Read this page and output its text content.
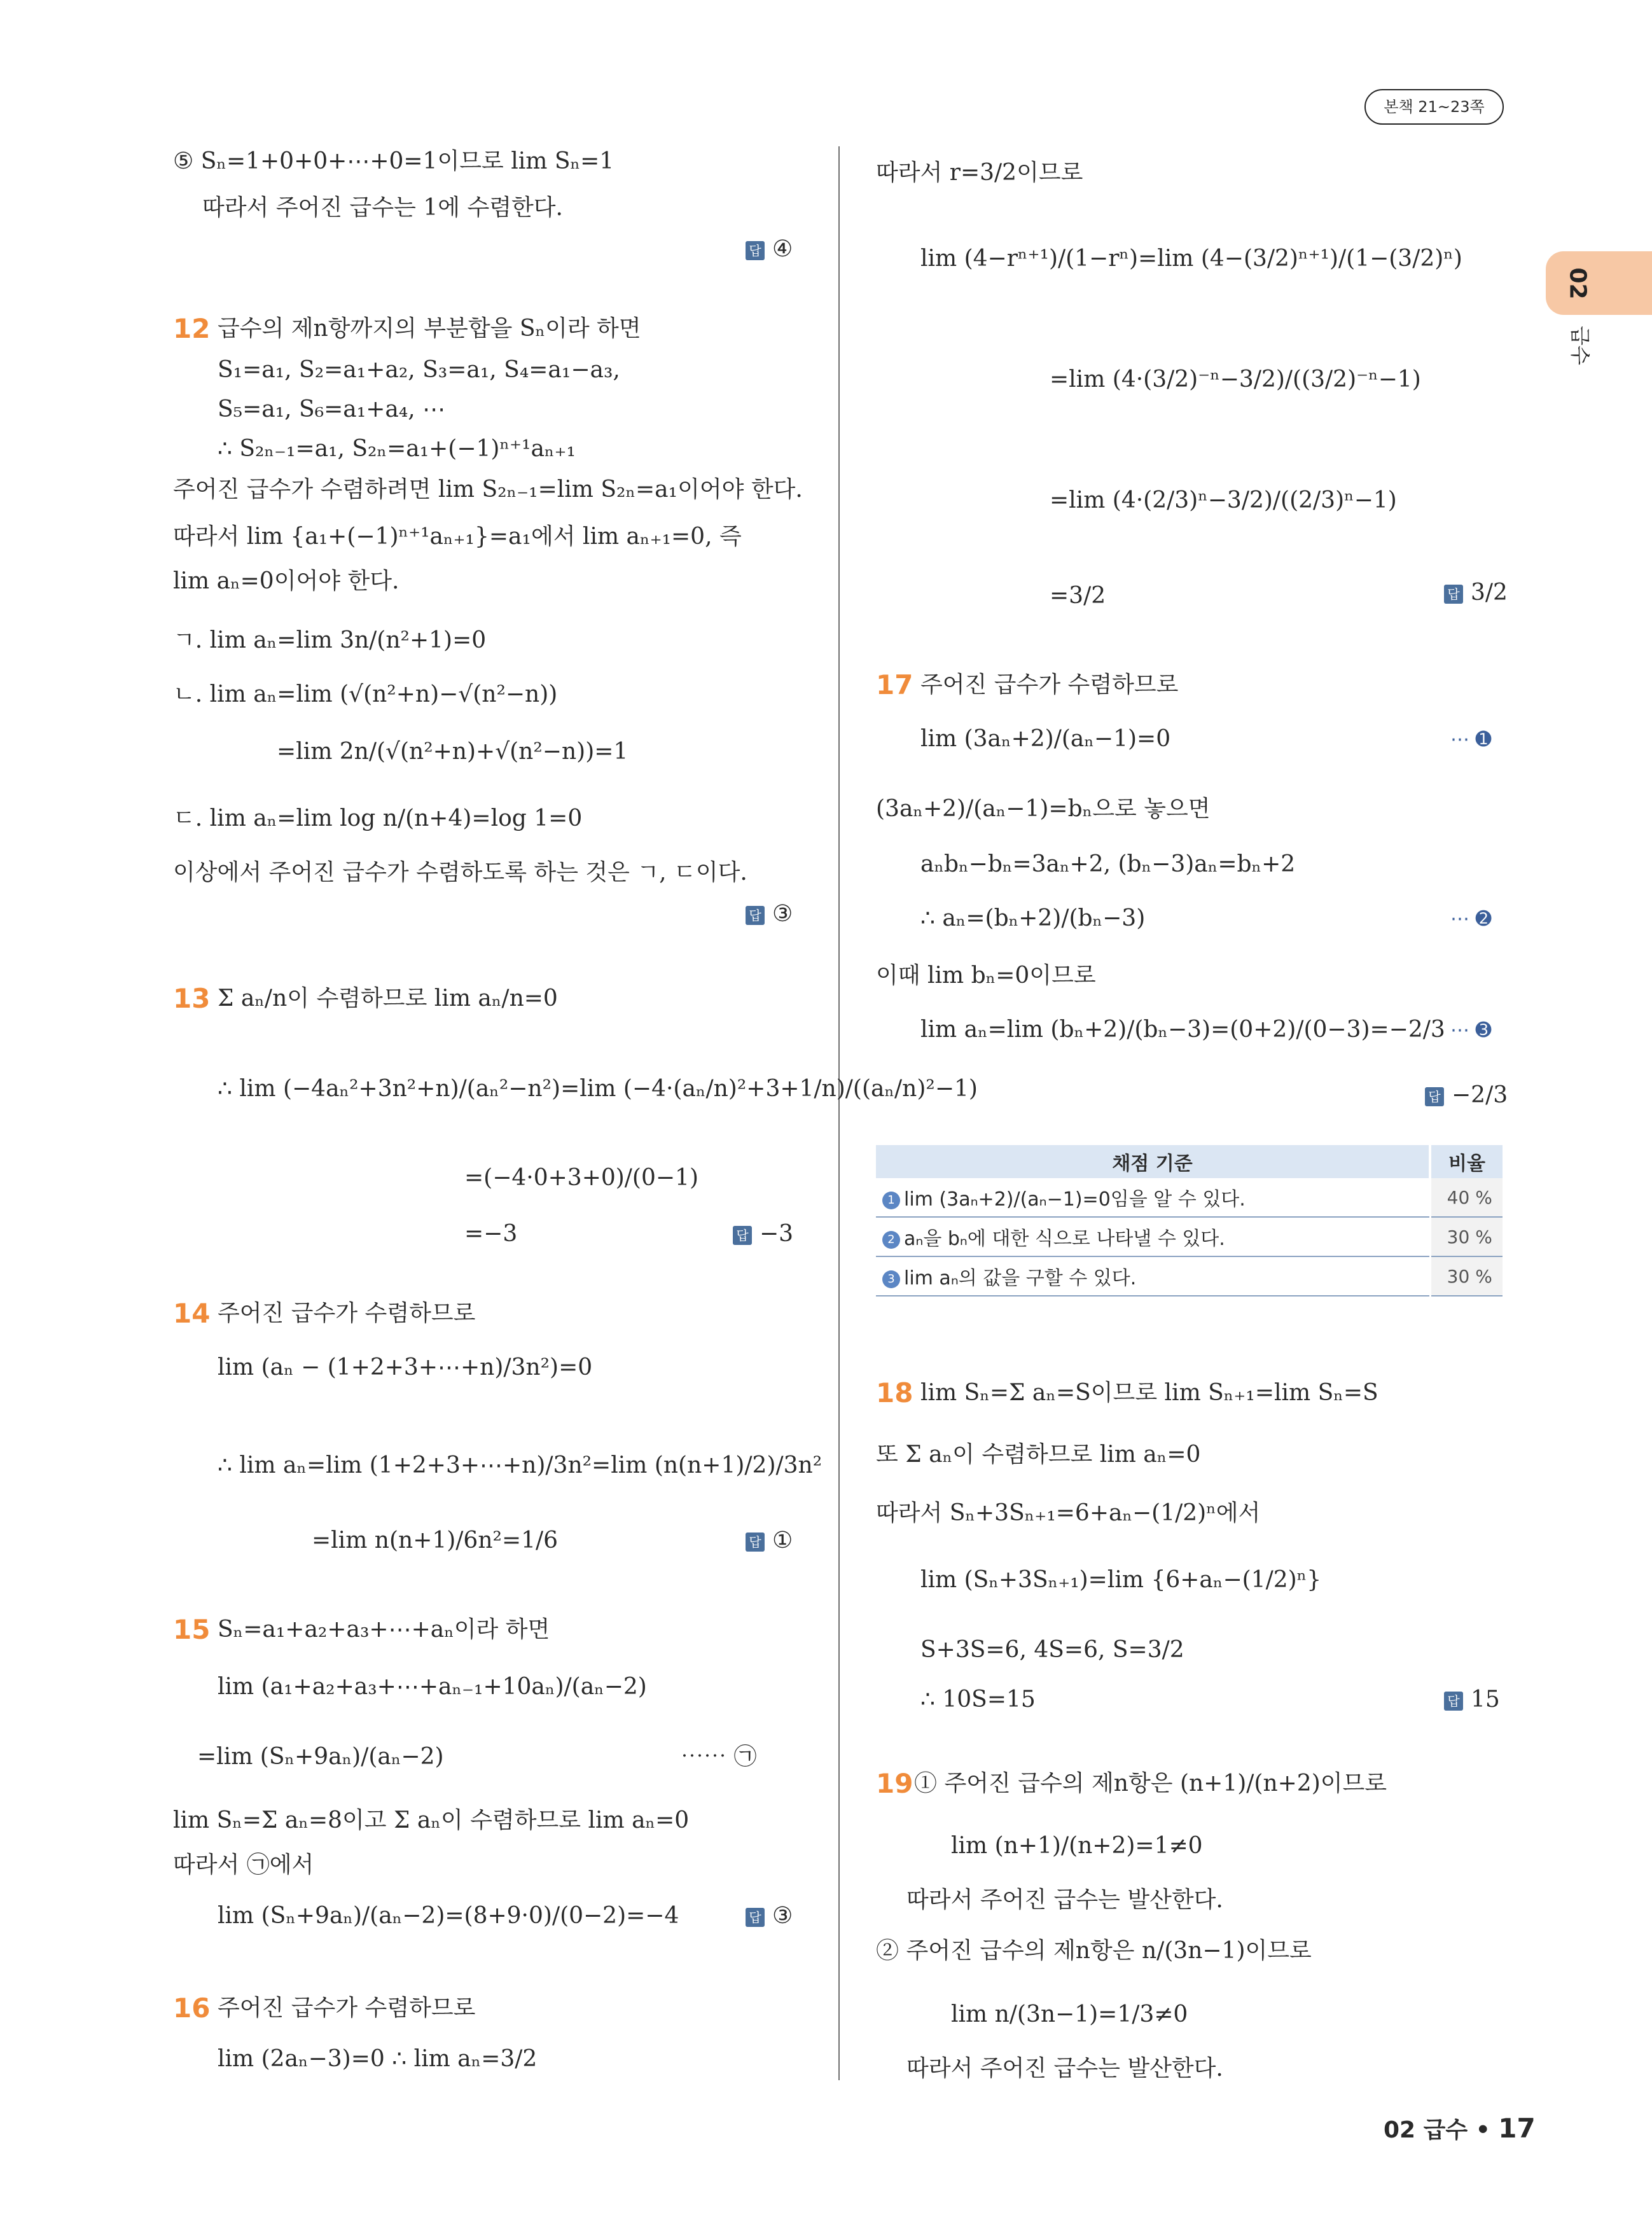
본책 21~23쪽
02
급수
⑤ Sₙ=1+0+0+⋯+0=1이므로 lim Sₙ=1
따라서 주어진 급수는 1에 수렴한다.
답 ④
12 급수의 제n항까지의 부분합을 Sₙ이라 하면
S₁=a₁, S₂=a₁+a₂, S₃=a₁, S₄=a₁−a₃,
S₅=a₁, S₆=a₁+a₄, ⋯
∴ S₂ₙ₋₁=a₁, S₂ₙ=a₁+(−1)ⁿ⁺¹aₙ₊₁
주어진 급수가 수렴하려면 lim S₂ₙ₋₁=lim S₂ₙ=a₁이어야 한다.
따라서 lim {a₁+(−1)ⁿ⁺¹aₙ₊₁}=a₁에서 lim aₙ₊₁=0, 즉
lim aₙ=0이어야 한다.
ㄱ. lim aₙ=lim 3n/(n²+1)=0
ㄴ. lim aₙ=lim (√(n²+n)−√(n²−n))
=lim 2n/(√(n²+n)+√(n²−n))=1
ㄷ. lim aₙ=lim log n/(n+4)=log 1=0
이상에서 주어진 급수가 수렴하도록 하는 것은 ㄱ, ㄷ이다.
답 ③
13 Σ aₙ/n이 수렴하므로 lim aₙ/n=0
∴ lim (−4aₙ²+3n²+n)/(aₙ²−n²)=lim (−4·(aₙ/n)²+3+1/n)/((aₙ/n)²−1)
=(−4·0+3+0)/(0−1)
=−3	답 −3
14 주어진 급수가 수렴하므로
lim (aₙ − (1+2+3+⋯+n)/3n²)=0
∴ lim aₙ=lim (1+2+3+⋯+n)/3n²=lim (n(n+1)/2)/3n²
=lim n(n+1)/6n²=1/6	답 ①
15 Sₙ=a₁+a₂+a₃+⋯+aₙ이라 하면
lim (a₁+a₂+a₃+⋯+aₙ₋₁+10aₙ)/(aₙ−2)
=lim (Sₙ+9aₙ)/(aₙ−2)	⋯⋯ ㉠
lim Sₙ=Σ aₙ=8이고 Σ aₙ이 수렴하므로 lim aₙ=0
따라서 ㉠에서
lim (Sₙ+9aₙ)/(aₙ−2)=(8+9·0)/(0−2)=−4	답 ③
16 주어진 급수가 수렴하므로
lim (2aₙ−3)=0 ∴ lim aₙ=3/2
따라서 r=3/2이므로
lim (4−rⁿ⁺¹)/(1−rⁿ)=lim (4−(3/2)ⁿ⁺¹)/(1−(3/2)ⁿ)
=lim (4·(3/2)⁻ⁿ−3/2)/((3/2)⁻ⁿ−1)
=lim (4·(2/3)ⁿ−3/2)/((2/3)ⁿ−1)
=3/2	답 3/2
17 주어진 급수가 수렴하므로
lim (3aₙ+2)/(aₙ−1)=0	⋯ ➊
(3aₙ+2)/(aₙ−1)=bₙ으로 놓으면
aₙbₙ−bₙ=3aₙ+2, (bₙ−3)aₙ=bₙ+2
∴ aₙ=(bₙ+2)/(bₙ−3)	⋯ ➋
이때 lim bₙ=0이므로
lim aₙ=lim (bₙ+2)/(bₙ−3)=(0+2)/(0−3)=−2/3 ⋯ ➌
답 −2/3
채점 기준	비율
1 lim (3aₙ+2)/(aₙ−1)=0임을 알 수 있다.	40 %
2 aₙ을 bₙ에 대한 식으로 나타낼 수 있다.	30 %
3 lim aₙ의 값을 구할 수 있다.	30 %
18 lim Sₙ=Σ aₙ=S이므로 lim Sₙ₊₁=lim Sₙ=S
또 Σ aₙ이 수렴하므로 lim aₙ=0
따라서 Sₙ+3Sₙ₊₁=6+aₙ−(1/2)ⁿ에서
lim (Sₙ+3Sₙ₊₁)=lim {6+aₙ−(1/2)ⁿ}
S+3S=6, 4S=6, S=3/2
∴ 10S=15	답 15
19 ① 주어진 급수의 제n항은 (n+1)/(n+2)이므로
lim (n+1)/(n+2)=1≠0
따라서 주어진 급수는 발산한다.
② 주어진 급수의 제n항은 n/(3n−1)이므로
lim n/(3n−1)=1/3≠0
따라서 주어진 급수는 발산한다.
02 급수 • 17
